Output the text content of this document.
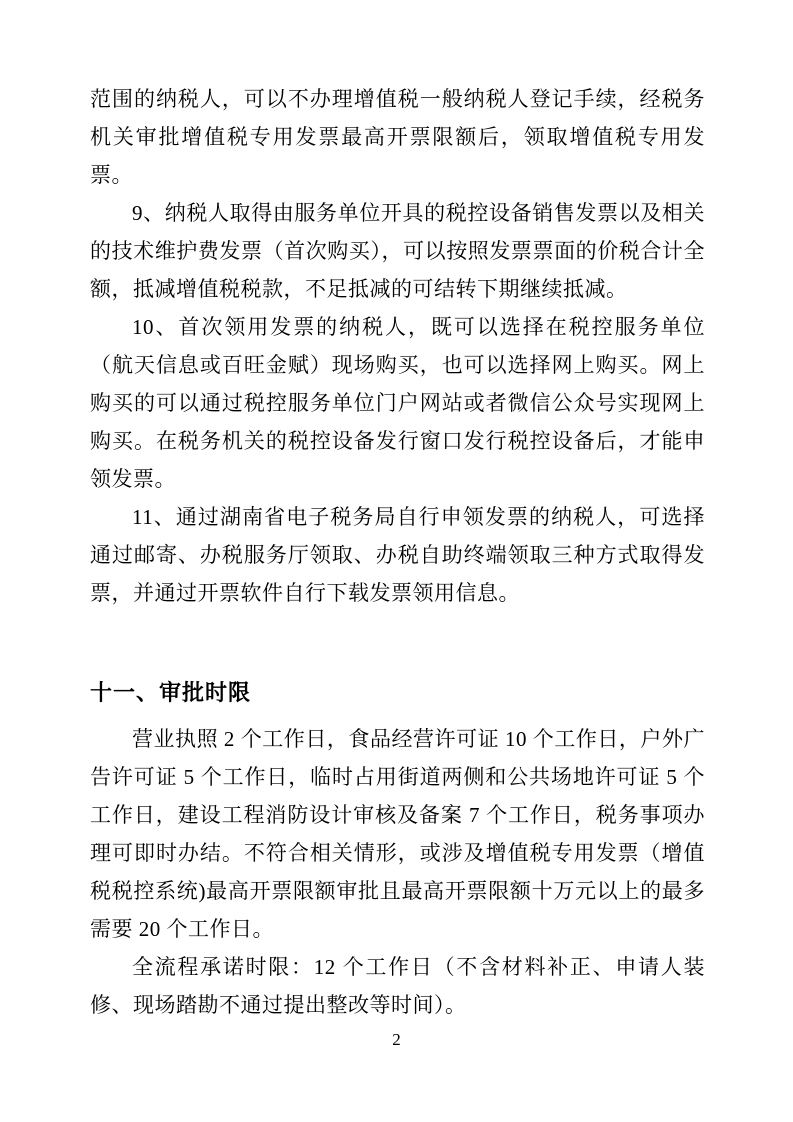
范围的纳税人，可以不办理增值税一般纳税人登记手续，经税务机关审批增值税专用发票最高开票限额后，领取增值税专用发票。

9、纳税人取得由服务单位开具的税控设备销售发票以及相关的技术维护费发票（首次购买），可以按照发票票面的价税合计全额，抵减增值税税款，不足抵减的可结转下期继续抵减。

10、首次领用发票的纳税人，既可以选择在税控服务单位（航天信息或百旺金赋）现场购买，也可以选择网上购买。网上购买的可以通过税控服务单位门户网站或者微信公众号实现网上购买。在税务机关的税控设备发行窗口发行税控设备后，才能申领发票。

11、通过湖南省电子税务局自行申领发票的纳税人，可选择通过邮寄、办税服务厅领取、办税自助终端领取三种方式取得发票，并通过开票软件自行下载发票领用信息。

十一、审批时限

营业执照 2 个工作日，食品经营许可证 10 个工作日，户外广告许可证 5 个工作日，临时占用街道两侧和公共场地许可证 5 个工作日，建设工程消防设计审核及备案 7 个工作日，税务事项办理可即时办结。不符合相关情形，或涉及增值税专用发票（增值税税控系统)最高开票限额审批且最高开票限额十万元以上的最多需要 20 个工作日。

全流程承诺时限：12 个工作日（不含材料补正、申请人装修、现场踏勘不通过提出整改等时间）。

2
